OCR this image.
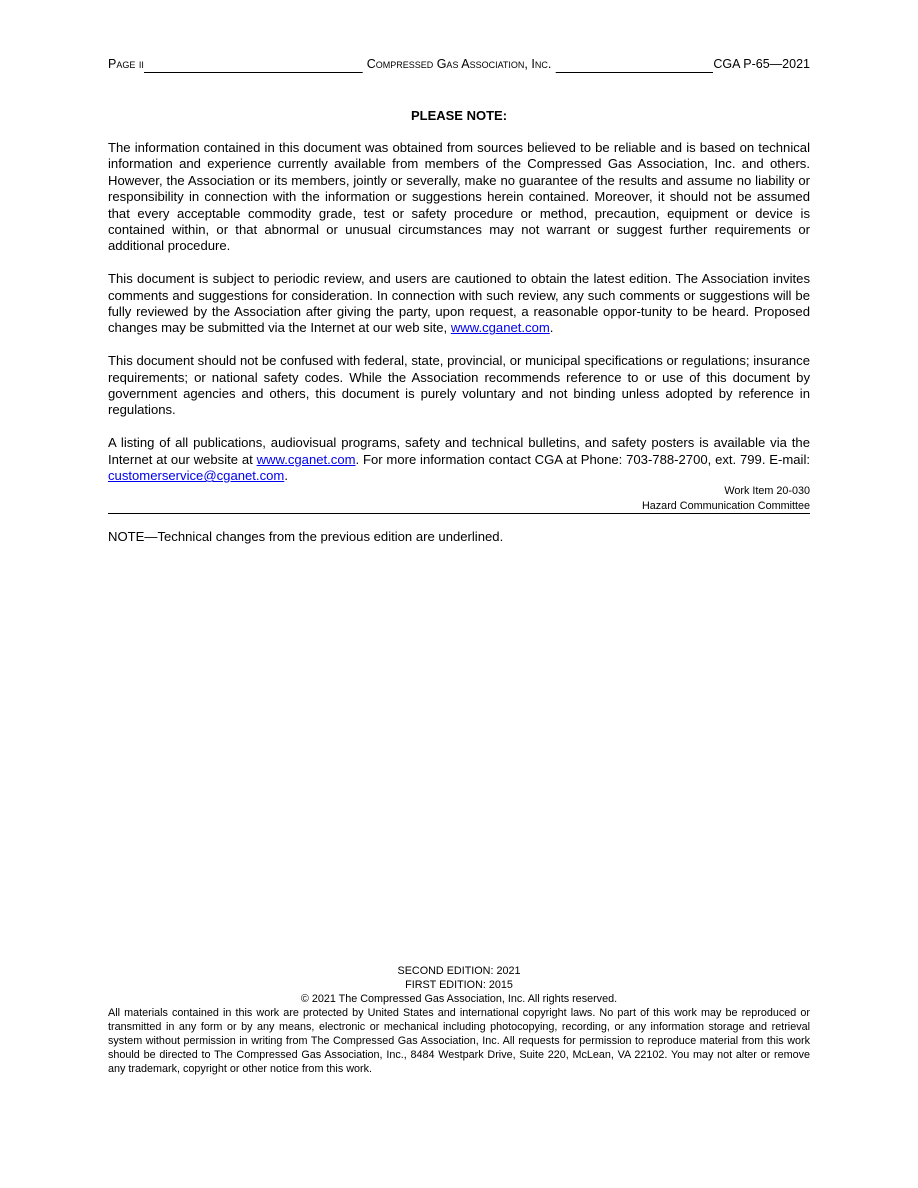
Page ii	Compressed Gas Association, Inc.	CGA P-65—2021
PLEASE NOTE:

The information contained in this document was obtained from sources believed to be reliable and is based on technical information and experience currently available from members of the Compressed Gas Association, Inc. and others. However, the Association or its members, jointly or severally, make no guarantee of the results and assume no liability or responsibility in connection with the information or suggestions herein contained. Moreover, it should not be assumed that every acceptable commodity grade, test or safety procedure or method, precaution, equipment or device is contained within, or that abnormal or unusual circumstances may not warrant or suggest further requirements or additional procedure.

This document is subject to periodic review, and users are cautioned to obtain the latest edition. The Association invites comments and suggestions for consideration. In connection with such review, any such comments or suggestions will be fully reviewed by the Association after giving the party, upon request, a reasonable oppor-tunity to be heard. Proposed changes may be submitted via the Internet at our web site, www.cganet.com.

This document should not be confused with federal, state, provincial, or municipal specifications or regulations; insurance requirements; or national safety codes. While the Association recommends reference to or use of this document by government agencies and others, this document is purely voluntary and not binding unless adopted by reference in regulations.

A listing of all publications, audiovisual programs, safety and technical bulletins, and safety posters is available via the Internet at our website at www.cganet.com. For more information contact CGA at Phone: 703-788-2700, ext. 799. E-mail: customerservice@cganet.com.

Work Item 20-030
Hazard Communication Committee
NOTE—Technical changes from the previous edition are underlined.
SECOND EDITION: 2021
FIRST EDITION: 2015
© 2021 The Compressed Gas Association, Inc. All rights reserved.

All materials contained in this work are protected by United States and international copyright laws. No part of this work may be reproduced or transmitted in any form or by any means, electronic or mechanical including photocopying, recording, or any information storage and retrieval system without permission in writing from The Compressed Gas Association, Inc. All requests for permission to reproduce material from this work should be directed to The Compressed Gas Association, Inc., 8484 Westpark Drive, Suite 220, McLean, VA 22102. You may not alter or remove any trademark, copyright or other notice from this work.
